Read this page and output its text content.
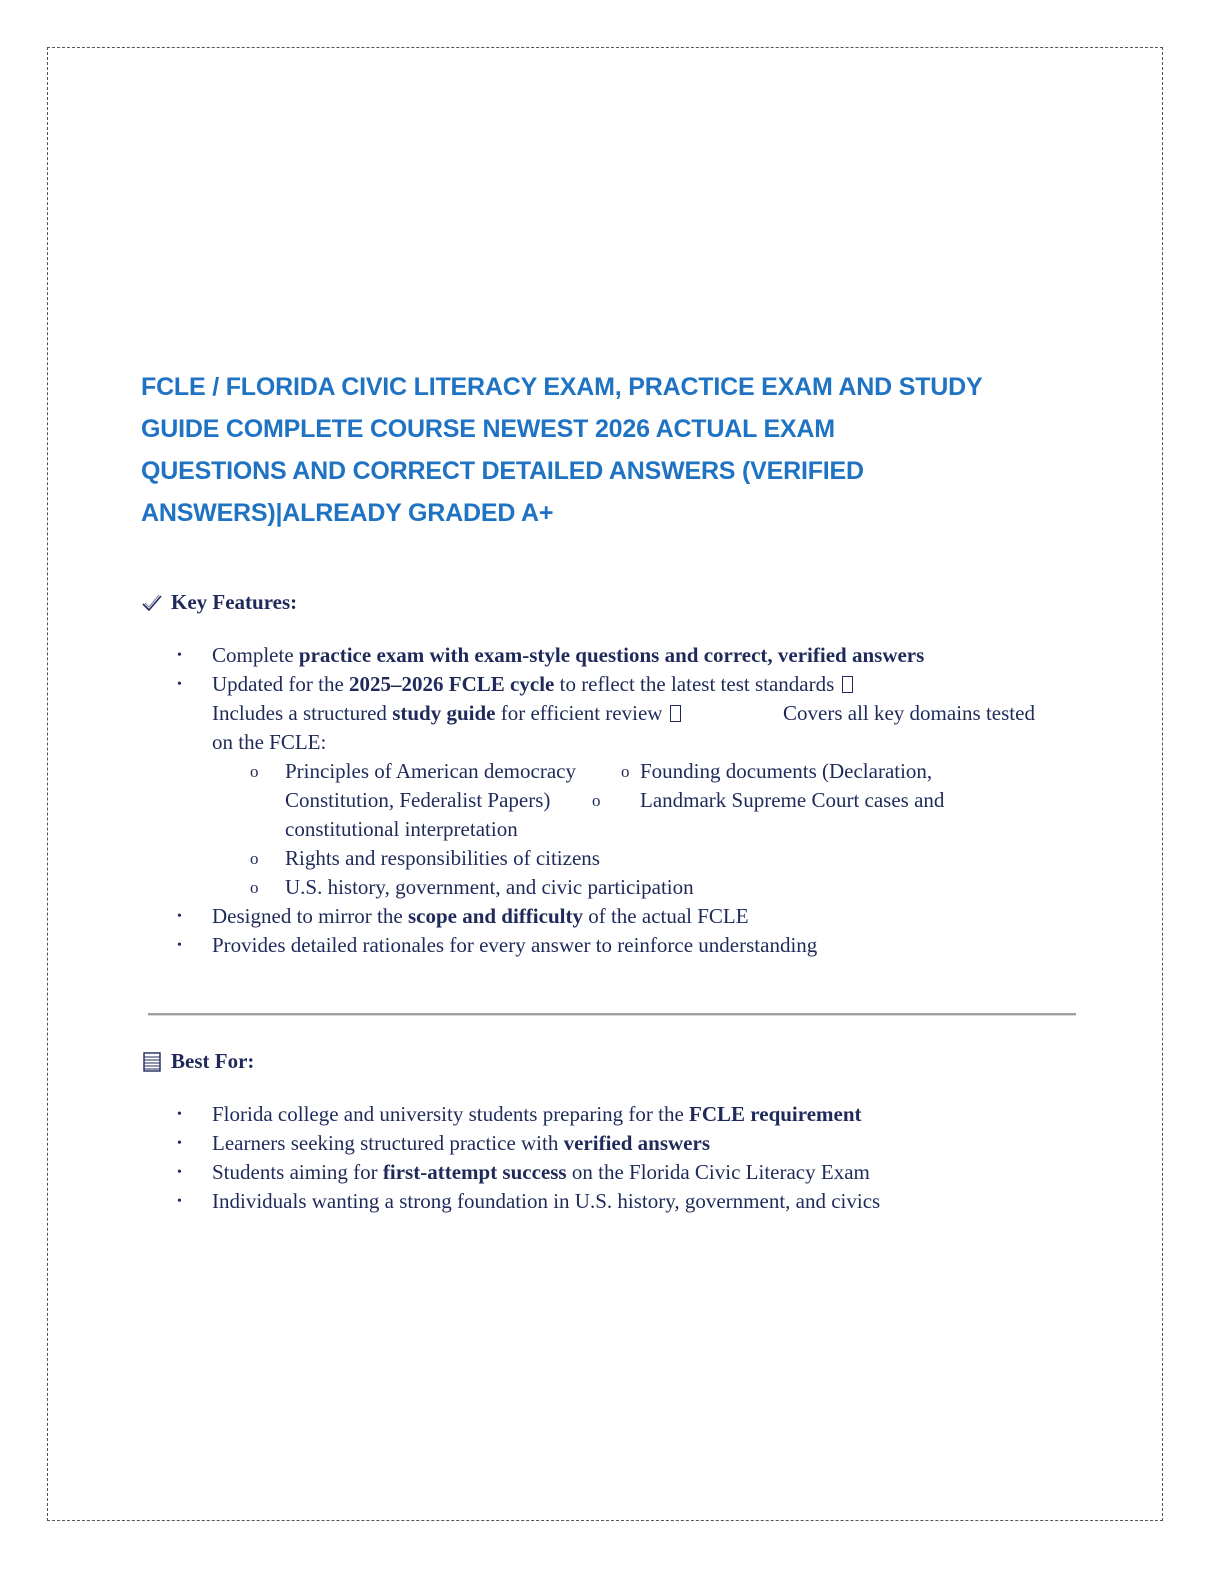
FCLE / FLORIDA CIVIC LITERACY EXAM, PRACTICE EXAM AND STUDY
GUIDE COMPLETE COURSE NEWEST 2026 ACTUAL EXAM
QUESTIONS AND CORRECT DETAILED ANSWERS (VERIFIED
ANSWERS)|ALREADY GRADED A+
Key Features:
• Complete practice exam with exam-style questions and correct, verified answers
• Updated for the 2025–2026 FCLE cycle to reflect the latest test standards
Includes a structured study guide for efficient review	Covers all key domains tested
on the FCLE:
o Principles of American democracy	o Founding documents (Declaration,
Constitution, Federalist Papers) o Landmark Supreme Court cases and
constitutional interpretation
o Rights and responsibilities of citizens
o U.S. history, government, and civic participation
• Designed to mirror the scope and difficulty of the actual FCLE
• Provides detailed rationales for every answer to reinforce understanding
Best For:
• Florida college and university students preparing for the FCLE requirement
• Learners seeking structured practice with verified answers
• Students aiming for first-attempt success on the Florida Civic Literacy Exam
• Individuals wanting a strong foundation in U.S. history, government, and civics
